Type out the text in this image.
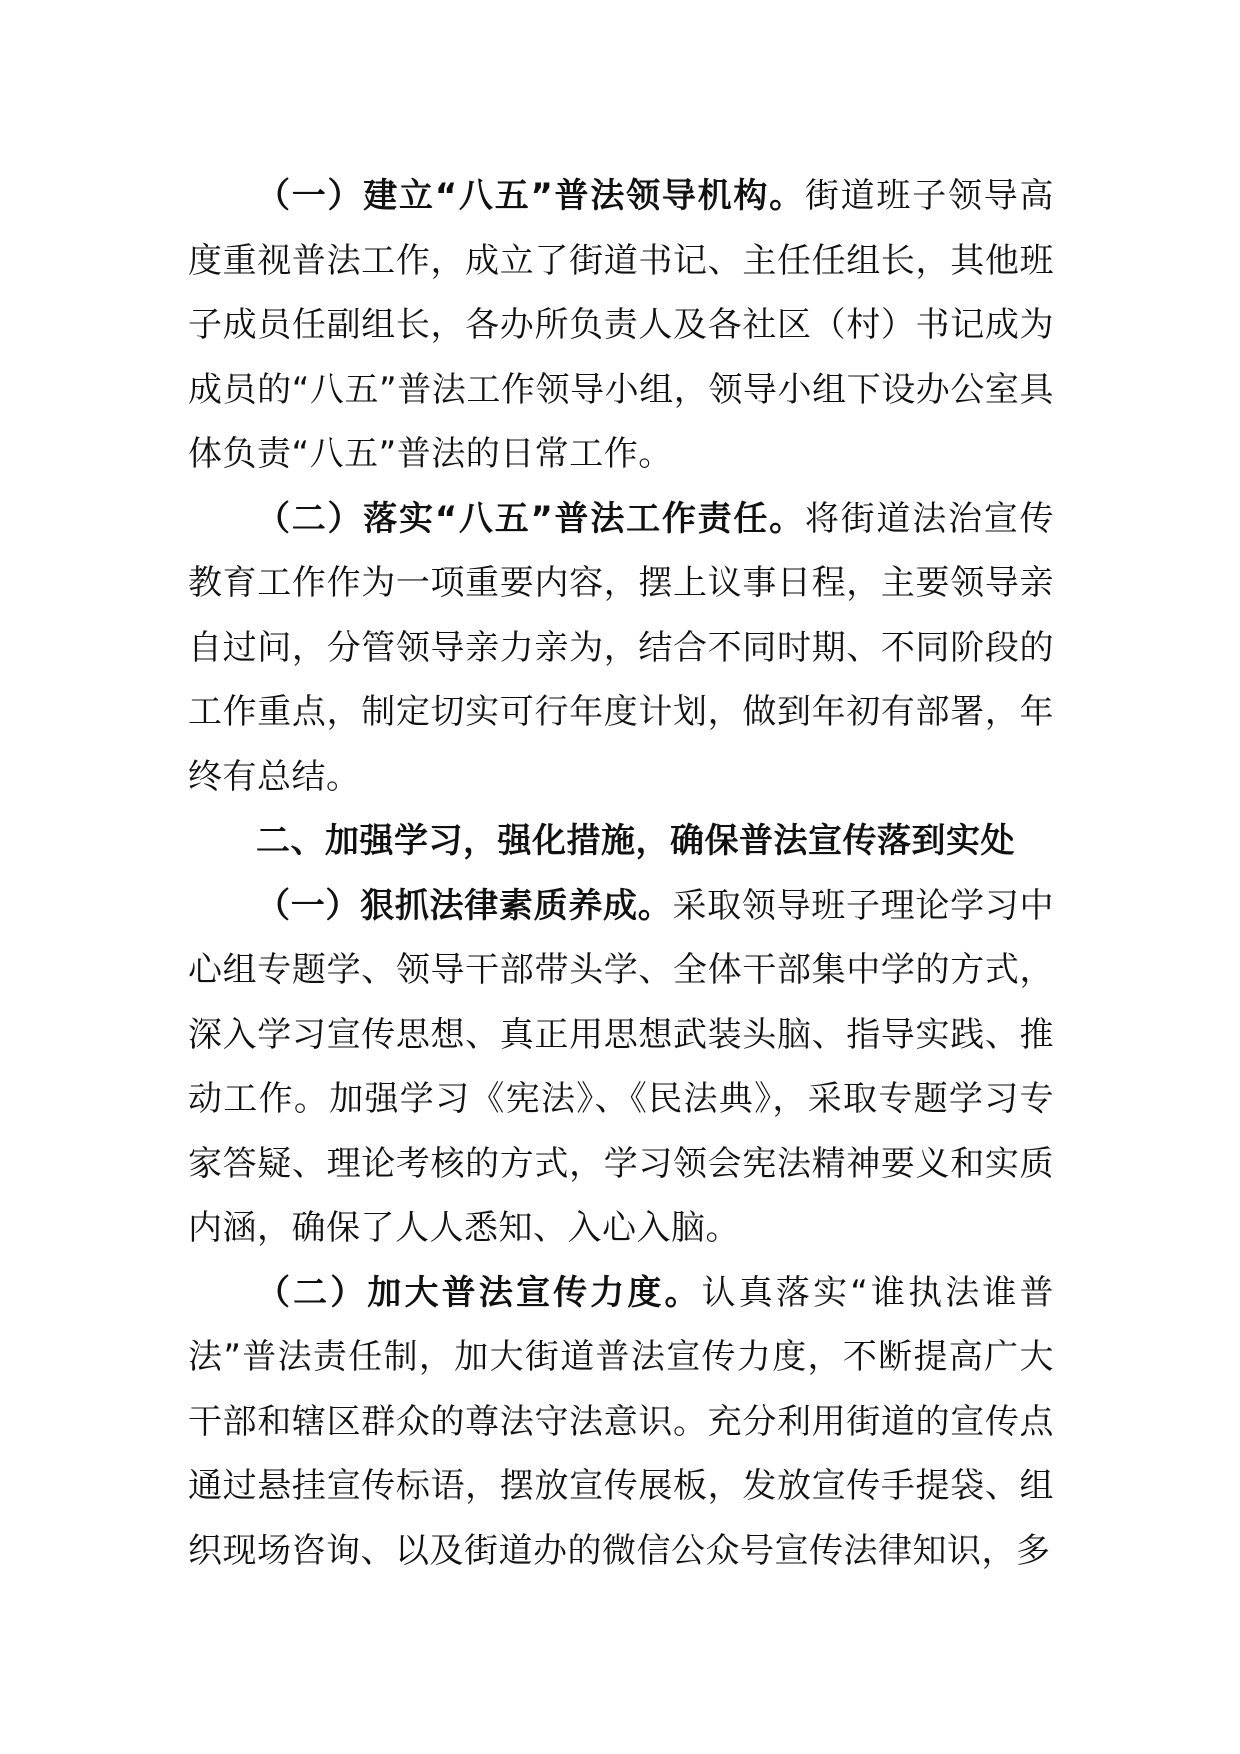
（一）建立“八五”普法领导机构。街道班子领导高度重视普法工作，成立了街道书记、主任任组长，其他班子成员任副组长，各办所负责人及各社区（村）书记成为成员的“八五”普法工作领导小组，领导小组下设办公室具体负责“八五”普法的日常工作。

（二）落实“八五”普法工作责任。将街道法治宣传教育工作作为一项重要内容，摆上议事日程，主要领导亲自过问，分管领导亲力亲为，结合不同时期、不同阶段的工作重点，制定切实可行年度计划，做到年初有部署，年终有总结。

二、加强学习，强化措施，确保普法宣传落到实处

（一）狠抓法律素质养成。采取领导班子理论学习中心组专题学、领导干部带头学、全体干部集中学的方式，深入学习宣传思想、真正用思想武装头脑、指导实践、推动工作。加强学习《宪法》、《民法典》，采取专题学习专家答疑、理论考核的方式，学习领会宪法精神要义和实质内涵，确保了人人悉知、入心入脑。

（二）加大普法宣传力度。认真落实“谁执法谁普法”普法责任制，加大街道普法宣传力度，不断提高广大干部和辖区群众的尊法守法意识。充分利用街道的宣传点通过悬挂宣传标语，摆放宣传展板，发放宣传手提袋、组织现场咨询、以及街道办的微信公众号宣传法律知识，多
